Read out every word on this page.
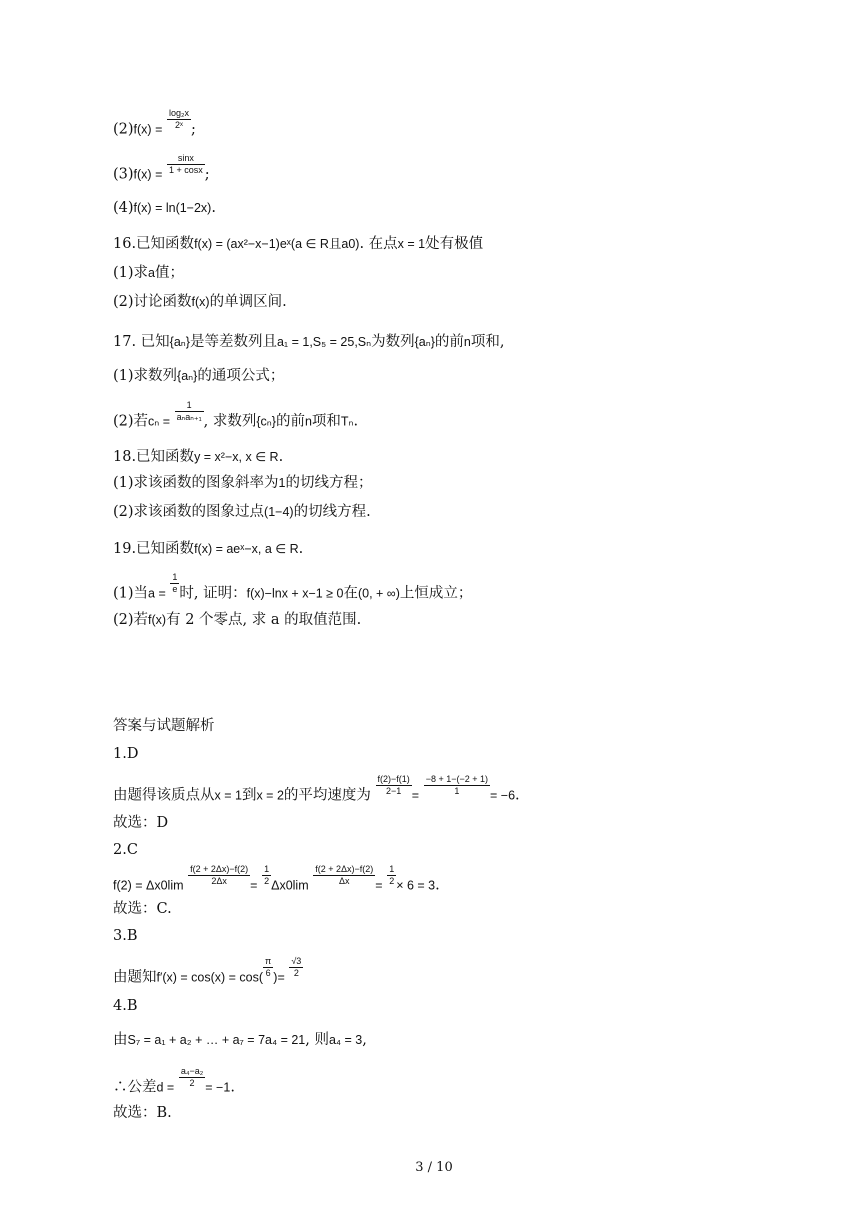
$(2)f(x) = \frac{\text{log₂x}}{\text{2ˣ}}$ ;
$(3)f(x) = \frac{\sin x}{1 + \cos x}$ ;
(4)f(x) = ln(1−2x).
16.已知函数f(x) = (ax²−x−1)eˣ(a ∈ R且a0). 在点x = 1处有极值
(1)求a值；
(2)讨论函数f(x)的单调区间.
17. 已知{aₙ}是等差数列且a₁ = 1,S₅ = 25,Sₙ为数列{aₙ}的前n项和,
(1)求数列{aₙ}的通项公式；
(2)若$c_n = \frac{1}{\text{aₙaₙ₊₁}}$ , 求数列{cₙ}的前n项和Tₙ.
18.已知函数y = x²−x, x ∈ R.
(1)求该函数的图象斜率为1的切线方程；
(2)求该函数的图象过点(1−4)的切线方程.
19.已知函数f(x) = aeˣ−x, a ∈ R.
(1)当$a = \frac{1}{e}$ 时, 证明：f(x)−lnx + x−1 ≥ 0在(0, + ∞)上恒成立；
(2)若f(x)有 2 个零点, 求 a 的取值范围.
答案与试题解析
1.D
由题得该质点从x = 1到x = 2的平均速度为 $\frac{f(2)-f(1)}{2-1} = \frac{-8 + 1-(-2 + 1)}{1} = -6$.
故选：D
2.C
$f(2) = \Delta x0\lim \frac{f(2 + 2\Delta x)-f(2)}{2\Delta x} = \frac{1}{2} \Delta x0\lim \frac{f(2 + 2\Delta x)-f(2)}{\Delta x} = \frac{1}{2} \times 6 = 3$.
故选：C.
3.B
由题知$f'(x) = \cos(x) = \cos( \frac{\pi}{6}$ )= $\frac{√3}{2}$
4.B
由S₇ = a₁ + a₂ + … + a₇ = 7a₄ = 21, 则a₄ = 3,
∴公差$d = \frac{\text{a₄−a₂}}{2} = -1$.
故选：B.
3 / 10
